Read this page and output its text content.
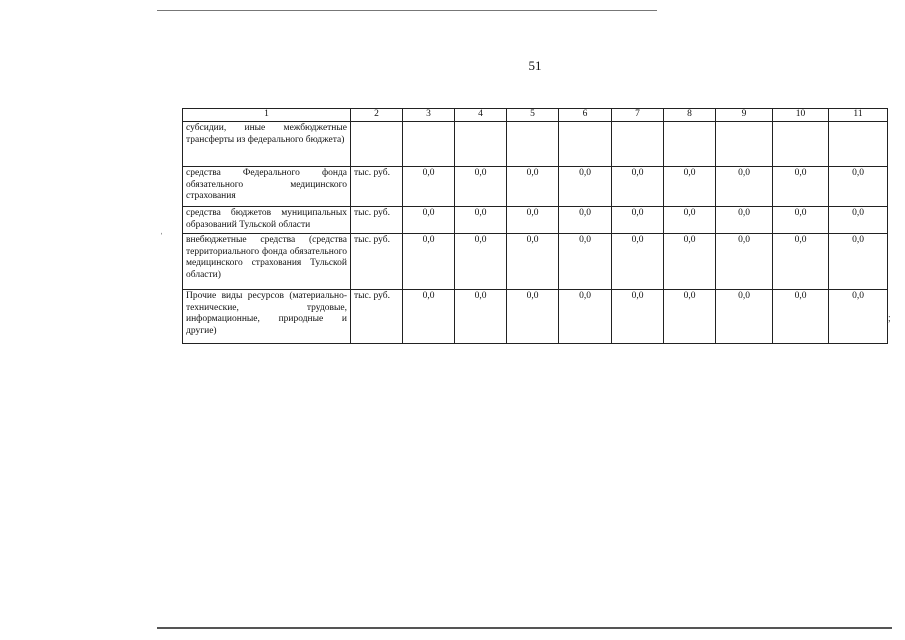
51
1	2	3	4	5	6	7	8	9	10	11
субсидии, иные межбюджетные трансферты из федерального бюджета)										
средства Федерального фонда обязательного медицинского страхования	тыс. руб.	0,0	0,0	0,0	0,0	0,0	0,0	0,0	0,0	0,0
средства бюджетов муниципальных образований Тульской области	тыс. руб.	0,0	0,0	0,0	0,0	0,0	0,0	0,0	0,0	0,0
внебюджетные средства (средства территориального фонда обязательного медицинского страхования Тульской области)	тыс. руб.	0,0	0,0	0,0	0,0	0,0	0,0	0,0	0,0	0,0
Прочие виды ресурсов (материально-технические, трудовые, информационные, природные и другие)	тыс. руб.	0,0	0,0	0,0	0,0	0,0	0,0	0,0	0,0	0,0
ˈ
;
